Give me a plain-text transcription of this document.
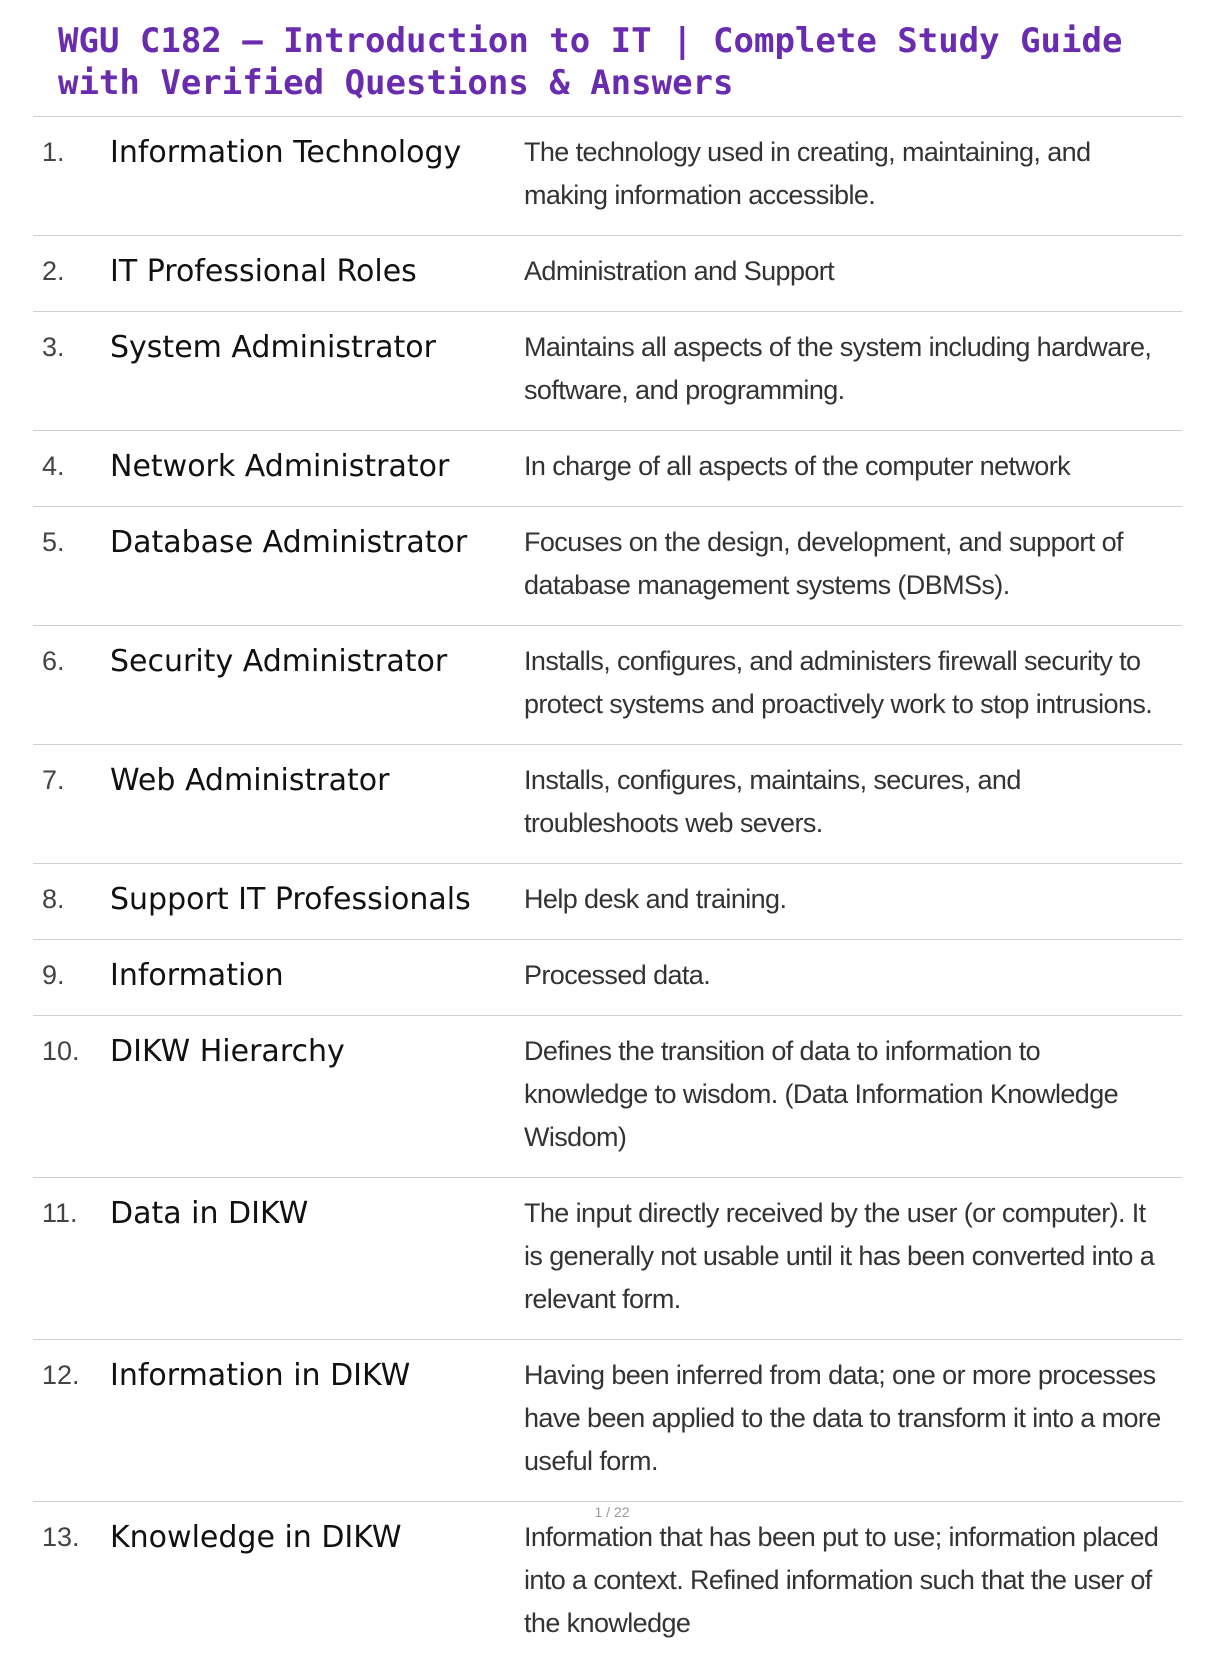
WGU C182 – Introduction to IT | Complete Study Guide with Verified Questions & Answers
1.	Information Technology	The technology used in creating, maintaining, and making information accessible.
2.	IT Professional Roles	Administration and Support
3.	System Administrator	Maintains all aspects of the system including hardware, software, and programming.
4.	Network Administrator	In charge of all aspects of the computer network
5.	Database Administrator	Focuses on the design, development, and support of database management systems (DBMSs).
6.	Security Administrator	Installs, configures, and administers firewall security to protect systems and proactively work to stop intrusions.
7.	Web Administrator	Installs, configures, maintains, secures, and troubleshoots web severs.
8.	Support IT Professionals	Help desk and training.
9.	Information	Processed data.
10.	DIKW Hierarchy	Defines the transition of data to information to knowledge to wisdom. (Data Information Knowledge Wisdom)
11.	Data in DIKW	The input directly received by the user (or computer). It is generally not usable until it has been converted into a relevant form.
12.	Information in DIKW	Having been inferred from data; one or more processes have been applied to the data to transform it into a more useful form.
13.	Knowledge in DIKW	Information that has been put to use; information placed into a context. Refined information such that the user of the knowledge
1 / 22
